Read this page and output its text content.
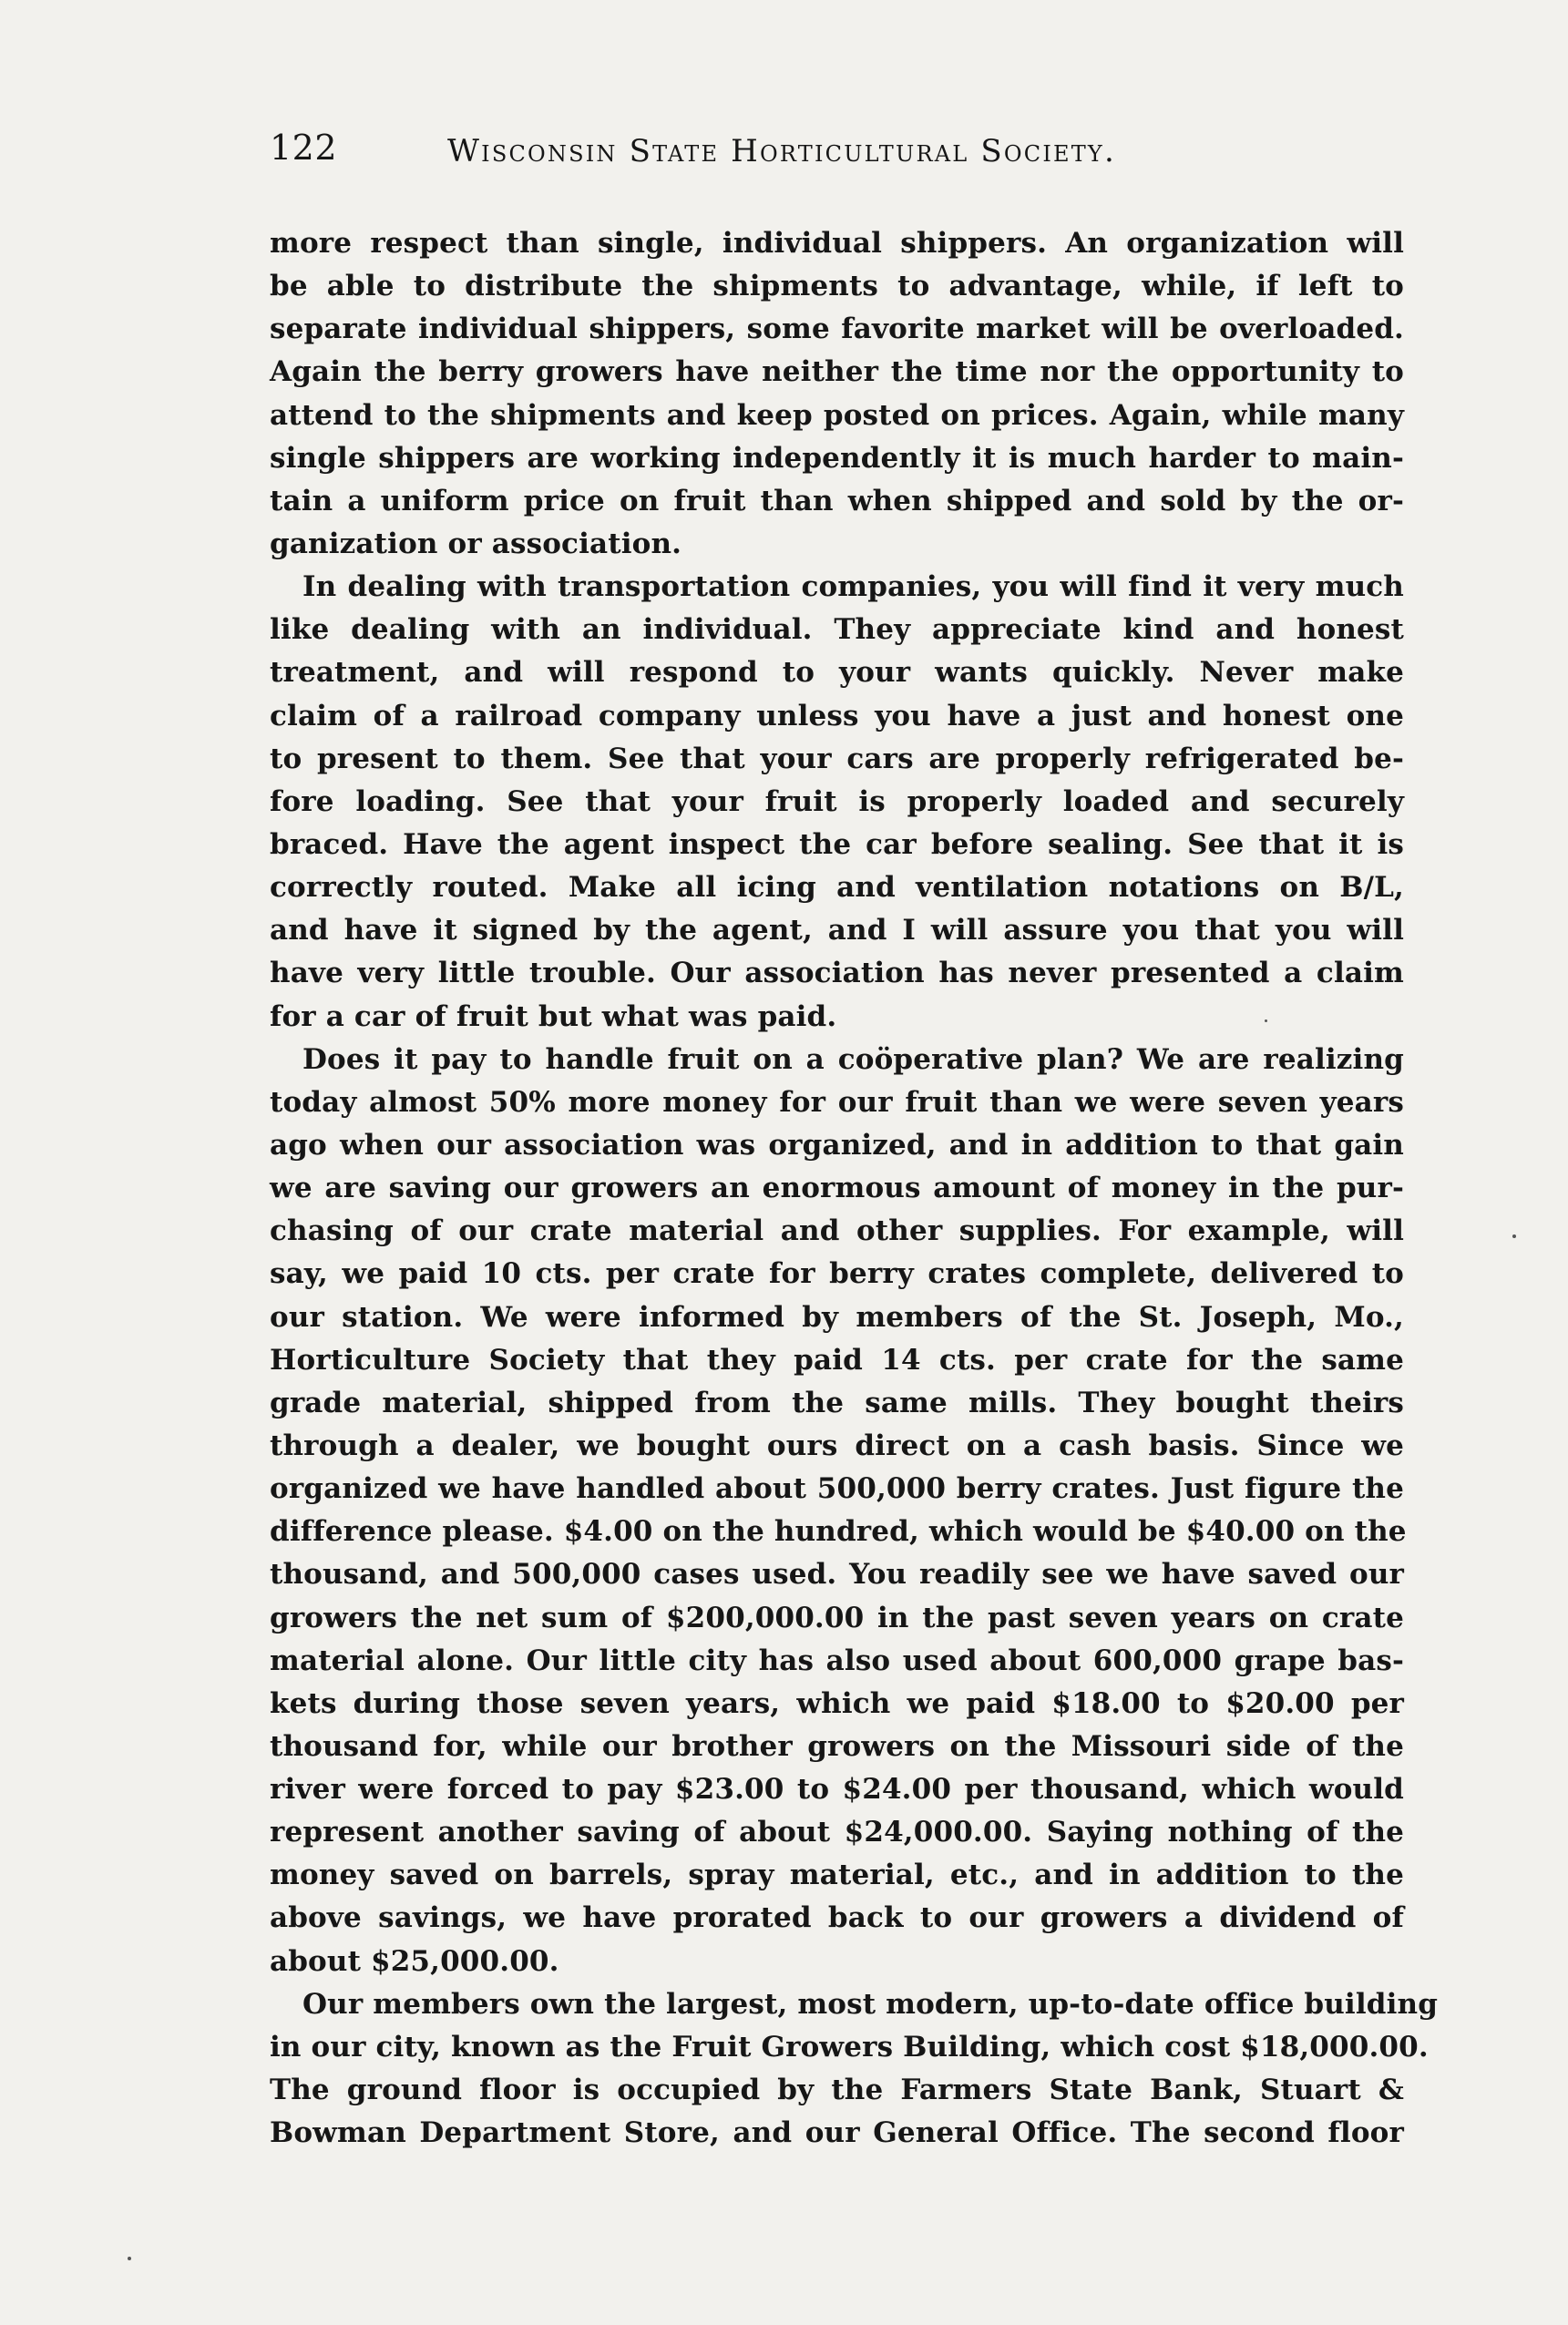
122	Wisconsin State Horticultural Society.
more respect than single, individual shippers. An organization will
be able to distribute the shipments to advantage, while, if left to
separate individual shippers, some favorite market will be overloaded.
Again the berry growers have neither the time nor the opportunity to
attend to the shipments and keep posted on prices. Again, while many
single shippers are working independently it is much harder to main-
tain a uniform price on fruit than when shipped and sold by the or-
ganization or association.
In dealing with transportation companies, you will find it very much
like dealing with an individual. They appreciate kind and honest
treatment, and will respond to your wants quickly. Never make
claim of a railroad company unless you have a just and honest one
to present to them. See that your cars are properly refrigerated be-
fore loading. See that your fruit is properly loaded and securely
braced. Have the agent inspect the car before sealing. See that it is
correctly routed. Make all icing and ventilation notations on B/L,
and have it signed by the agent, and I will assure you that you will
have very little trouble. Our association has never presented a claim
for a car of fruit but what was paid.
Does it pay to handle fruit on a coöperative plan? We are realizing
today almost 50% more money for our fruit than we were seven years
ago when our association was organized, and in addition to that gain
we are saving our growers an enormous amount of money in the pur-
chasing of our crate material and other supplies. For example, will
say, we paid 10 cts. per crate for berry crates complete, delivered to
our station. We were informed by members of the St. Joseph, Mo.,
Horticulture Society that they paid 14 cts. per crate for the same
grade material, shipped from the same mills. They bought theirs
through a dealer, we bought ours direct on a cash basis. Since we
organized we have handled about 500,000 berry crates. Just figure the
difference please. $4.00 on the hundred, which would be $40.00 on the
thousand, and 500,000 cases used. You readily see we have saved our
growers the net sum of $200,000.00 in the past seven years on crate
material alone. Our little city has also used about 600,000 grape bas-
kets during those seven years, which we paid $18.00 to $20.00 per
thousand for, while our brother growers on the Missouri side of the
river were forced to pay $23.00 to $24.00 per thousand, which would
represent another saving of about $24,000.00. Saying nothing of the
money saved on barrels, spray material, etc., and in addition to the
above savings, we have prorated back to our growers a dividend of
about $25,000.00.
Our members own the largest, most modern, up-to-date office building
in our city, known as the Fruit Growers Building, which cost $18,000.00.
The ground floor is occupied by the Farmers State Bank, Stuart &
Bowman Department Store, and our General Office. The second floor
